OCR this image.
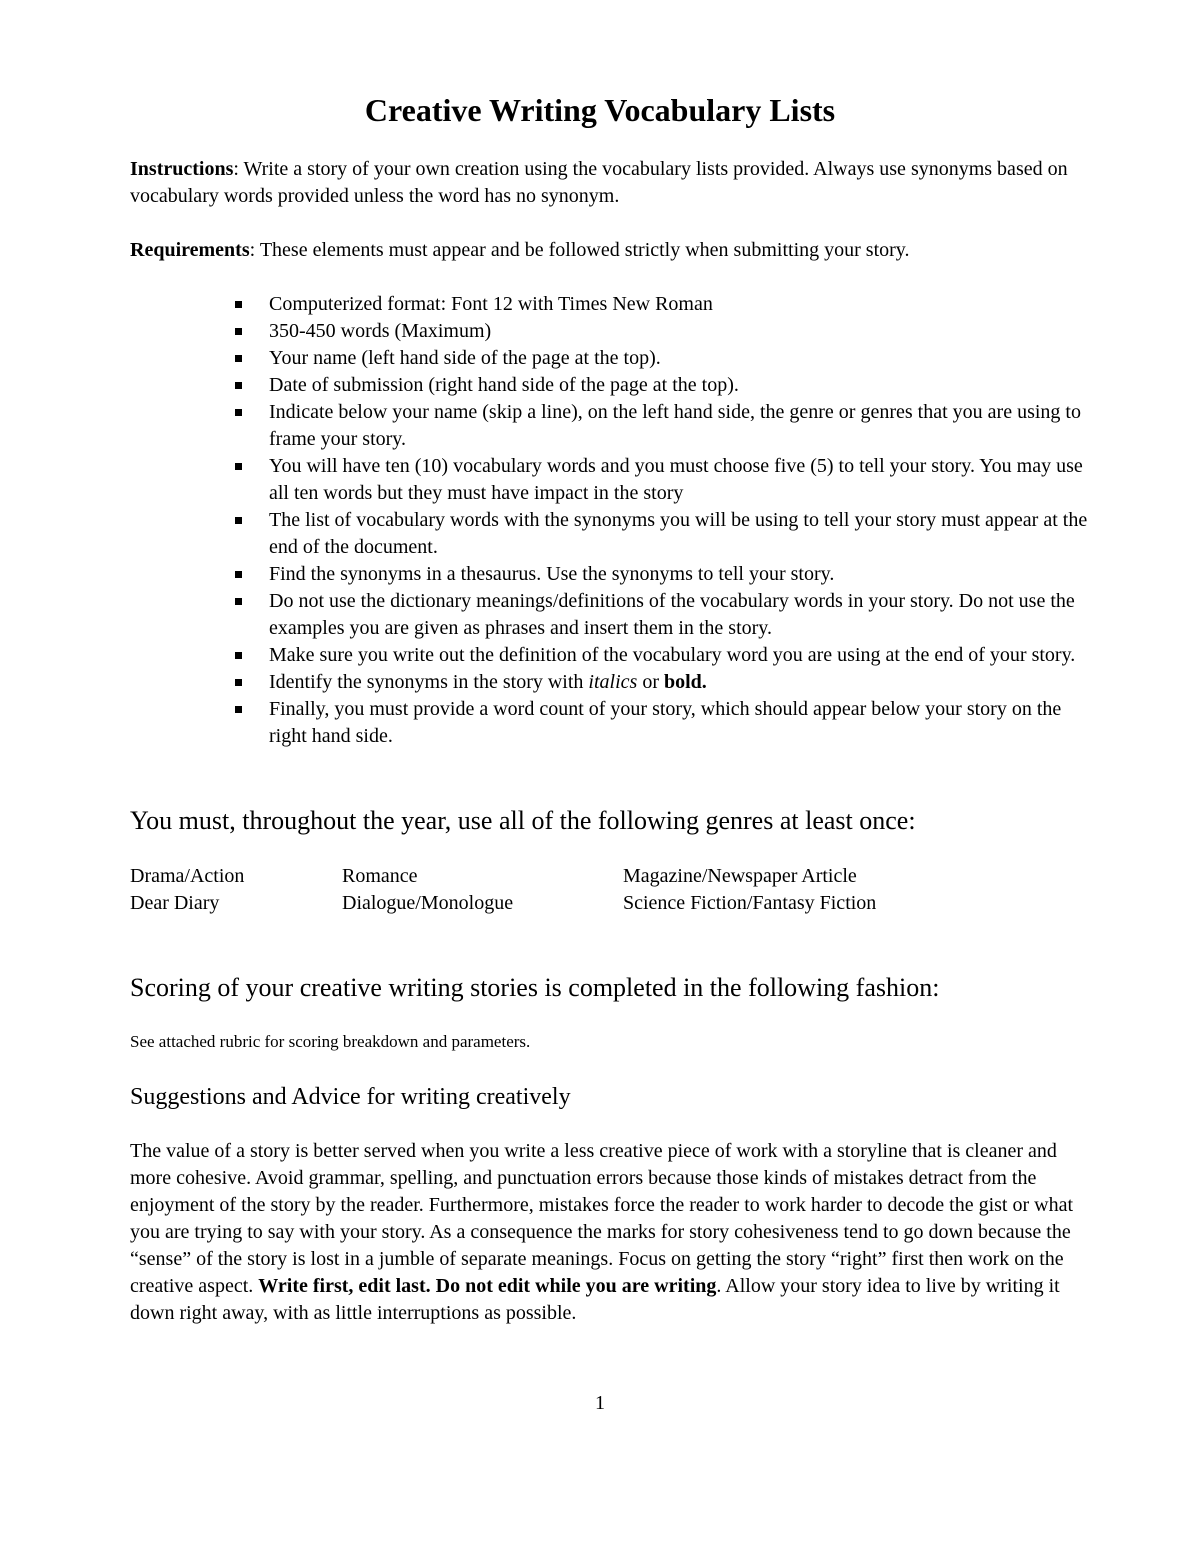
Creative Writing Vocabulary Lists

Instructions: Write a story of your own creation using the vocabulary lists provided. Always use synonyms based on vocabulary words provided unless the word has no synonym.

Requirements: These elements must appear and be followed strictly when submitting your story.

Computerized format: Font 12 with Times New Roman
350-450 words (Maximum)
Your name (left hand side of the page at the top).
Date of submission (right hand side of the page at the top).
Indicate below your name (skip a line), on the left hand side, the genre or genres that you are using to frame your story.
You will have ten (10) vocabulary words and you must choose five (5) to tell your story. You may use all ten words but they must have impact in the story
The list of vocabulary words with the synonyms you will be using to tell your story must appear at the end of the document.
Find the synonyms in a thesaurus. Use the synonyms to tell your story.
Do not use the dictionary meanings/definitions of the vocabulary words in your story. Do not use the examples you are given as phrases and insert them in the story.
Make sure you write out the definition of the vocabulary word you are using at the end of your story.
Identify the synonyms in the story with italics or bold.
Finally, you must provide a word count of your story, which should appear below your story on the right hand side.
You must, throughout the year, use all of the following genres at least once:
Drama/Action	Romance	Magazine/Newspaper Article
Dear Diary	Dialogue/Monologue	Science Fiction/Fantasy Fiction
Scoring of your creative writing stories is completed in the following fashion:

See attached rubric for scoring breakdown and parameters.

Suggestions and Advice for writing creatively

The value of a story is better served when you write a less creative piece of work with a storyline that is cleaner and more cohesive. Avoid grammar, spelling, and punctuation errors because those kinds of mistakes detract from the enjoyment of the story by the reader. Furthermore, mistakes force the reader to work harder to decode the gist or what you are trying to say with your story. As a consequence the marks for story cohesiveness tend to go down because the “sense” of the story is lost in a jumble of separate meanings. Focus on getting the story “right” first then work on the creative aspect. Write first, edit last. Do not edit while you are writing. Allow your story idea to live by writing it down right away, with as little interruptions as possible.

1
